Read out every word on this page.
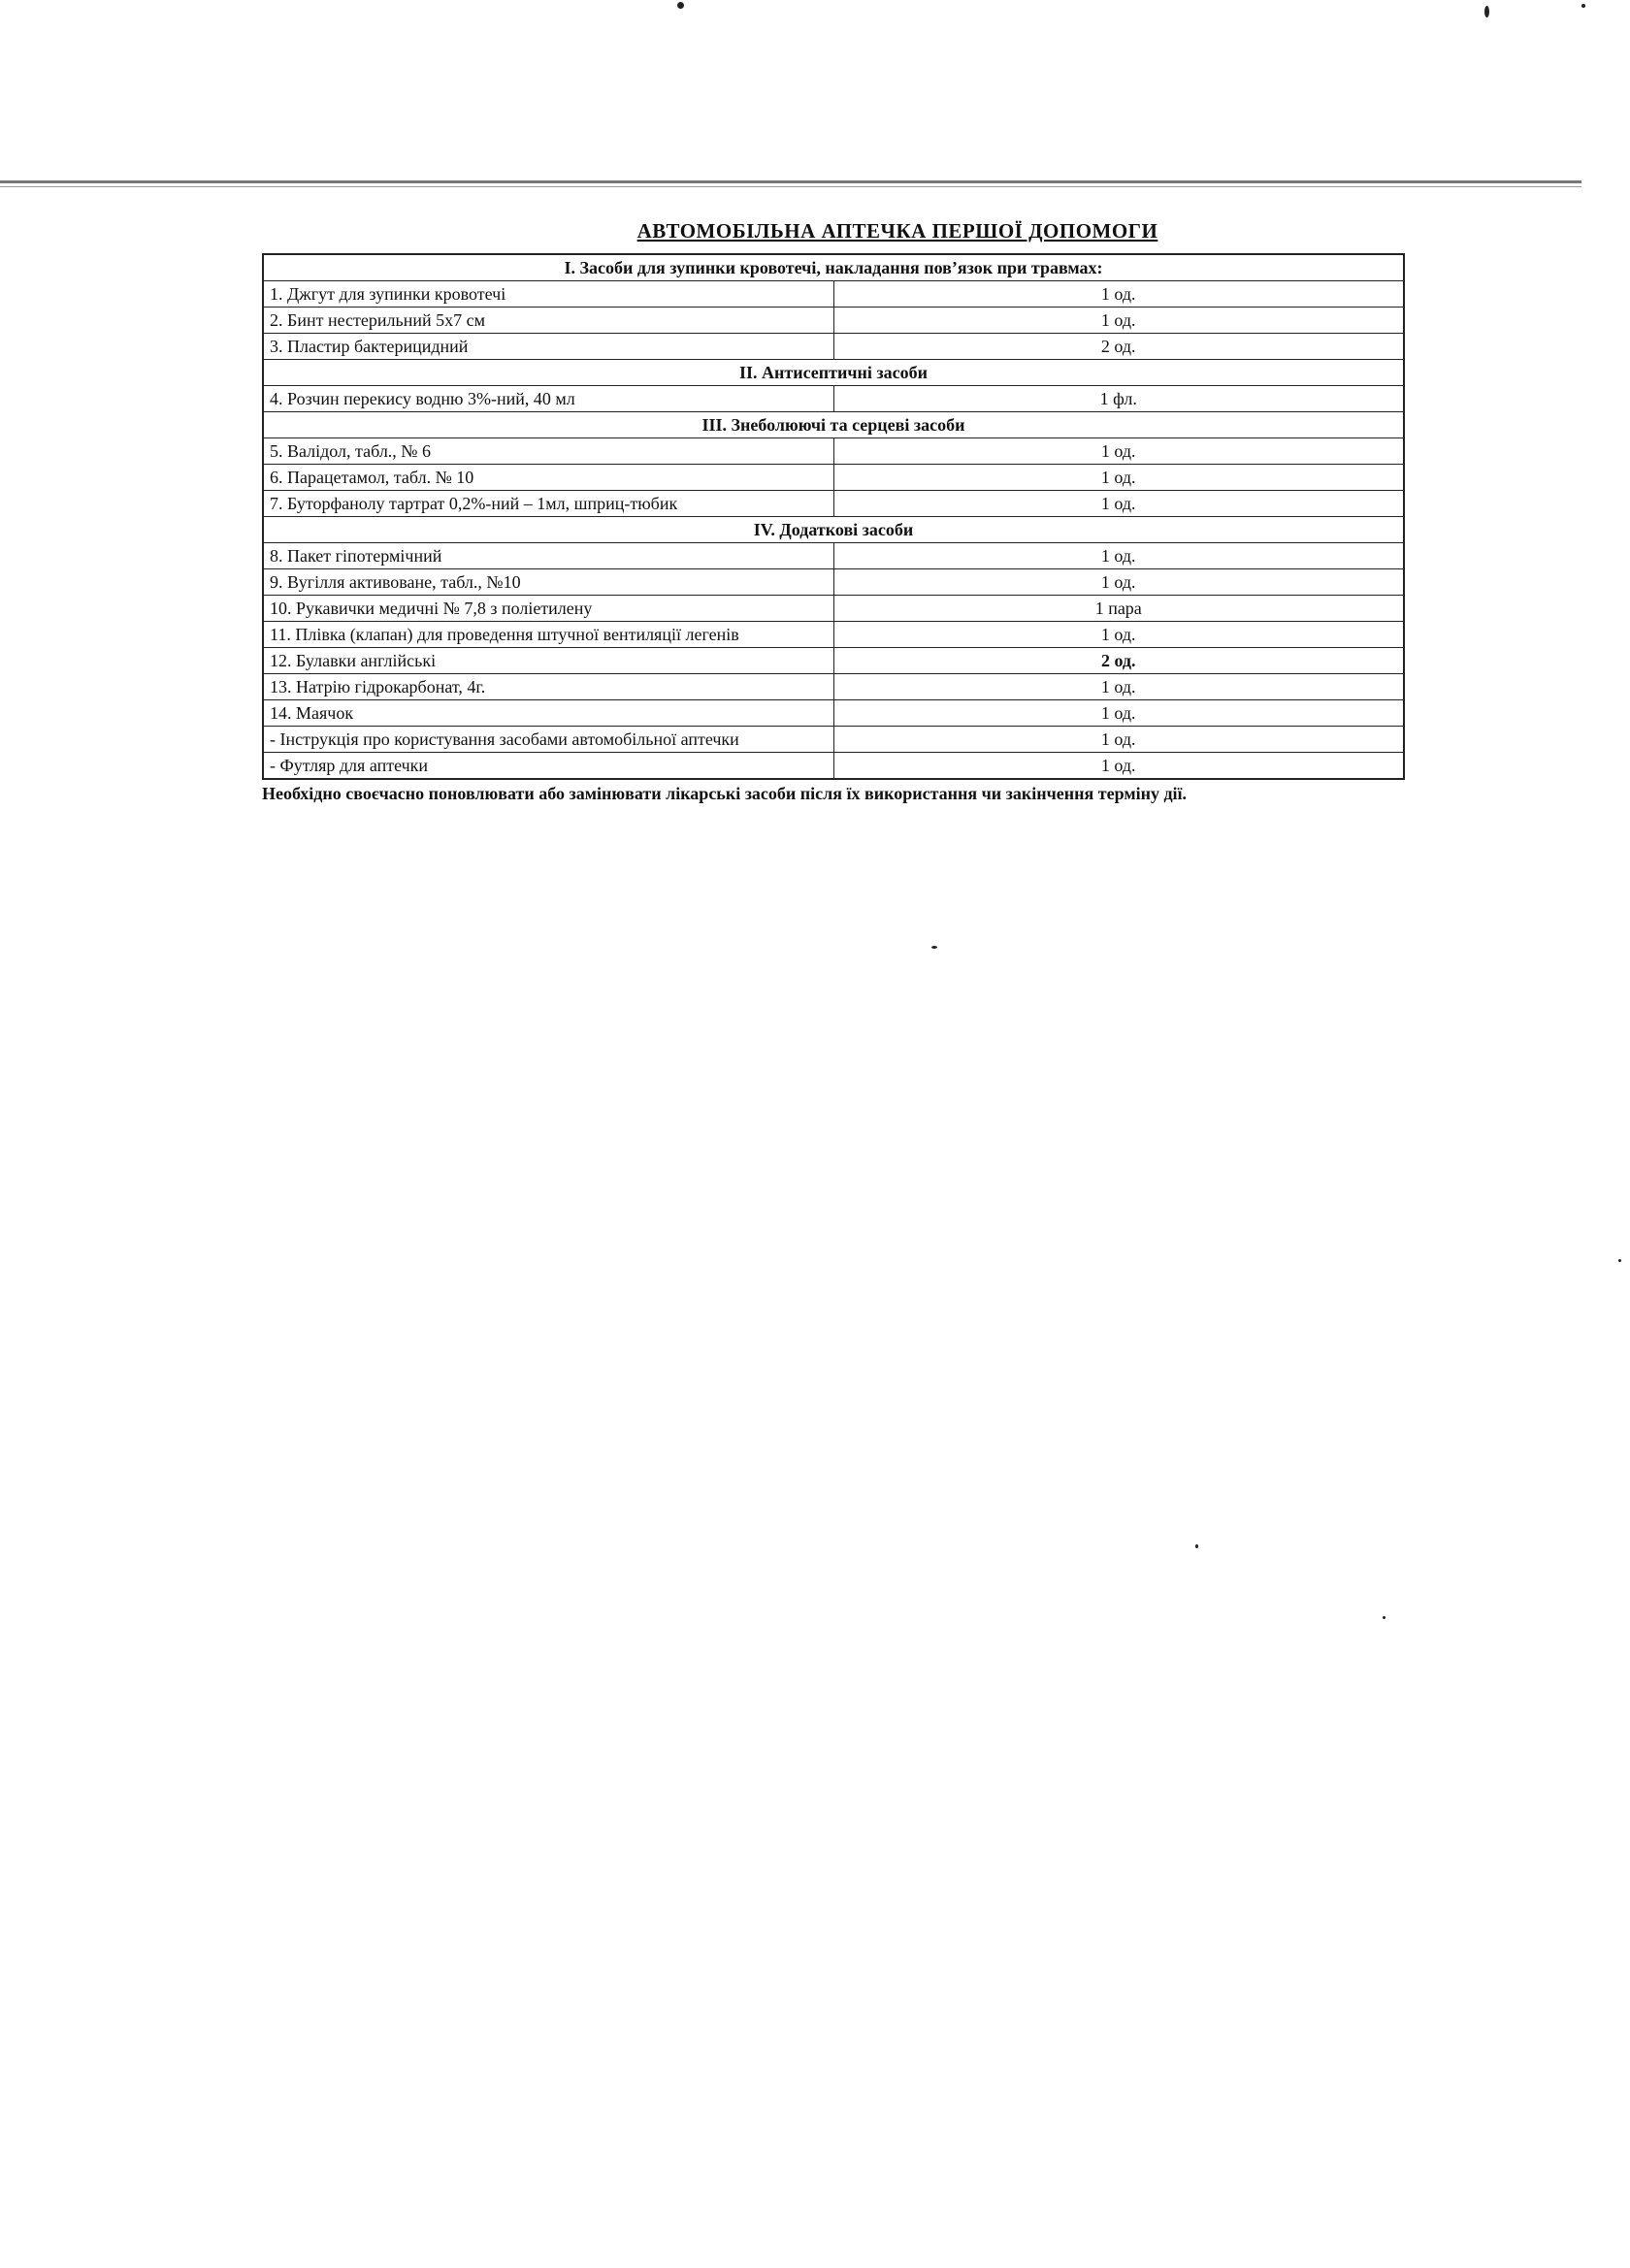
АВТОМОБІЛЬНА АПТЕЧКА ПЕРШОЇ ДОПОМОГИ
І. Засоби для зупинки кровотечі, накладання пов’язок при травмах:	
1. Джгут для зупинки кровотечі	1 од.
2. Бинт нестерильний 5х7 см	1 од.
3. Пластир бактерицидний	2 од.
ІІ. Антисептичні засоби	
4. Розчин перекису водню 3%-ний, 40 мл	1 фл.
ІІІ. Знеболюючі та серцеві засоби	
5. Валідол, табл., № 6	1 од.
6. Парацетамол, табл. № 10	1 од.
7. Буторфанолу тартрат 0,2%-ний – 1мл, шприц-тюбик	1 од.
IV. Додаткові засоби	
8. Пакет гіпотермічний	1 од.
9. Вугілля активоване, табл., №10	1 од.
10. Рукавички медичні № 7,8 з поліетилену	1 пара
11. Плівка (клапан) для проведення штучної вентиляції легенів	1 од.
12. Булавки англійські	2 од.
13. Натрію гідрокарбонат, 4г.	1 од.
14. Маячок	1 од.
- Інструкція про користування засобами автомобільної аптечки	1 од.
- Футляр для аптечки	1 од.
Необхідно своєчасно поновлювати або замінювати лікарські засоби після їх використання чи закінчення терміну дії.
